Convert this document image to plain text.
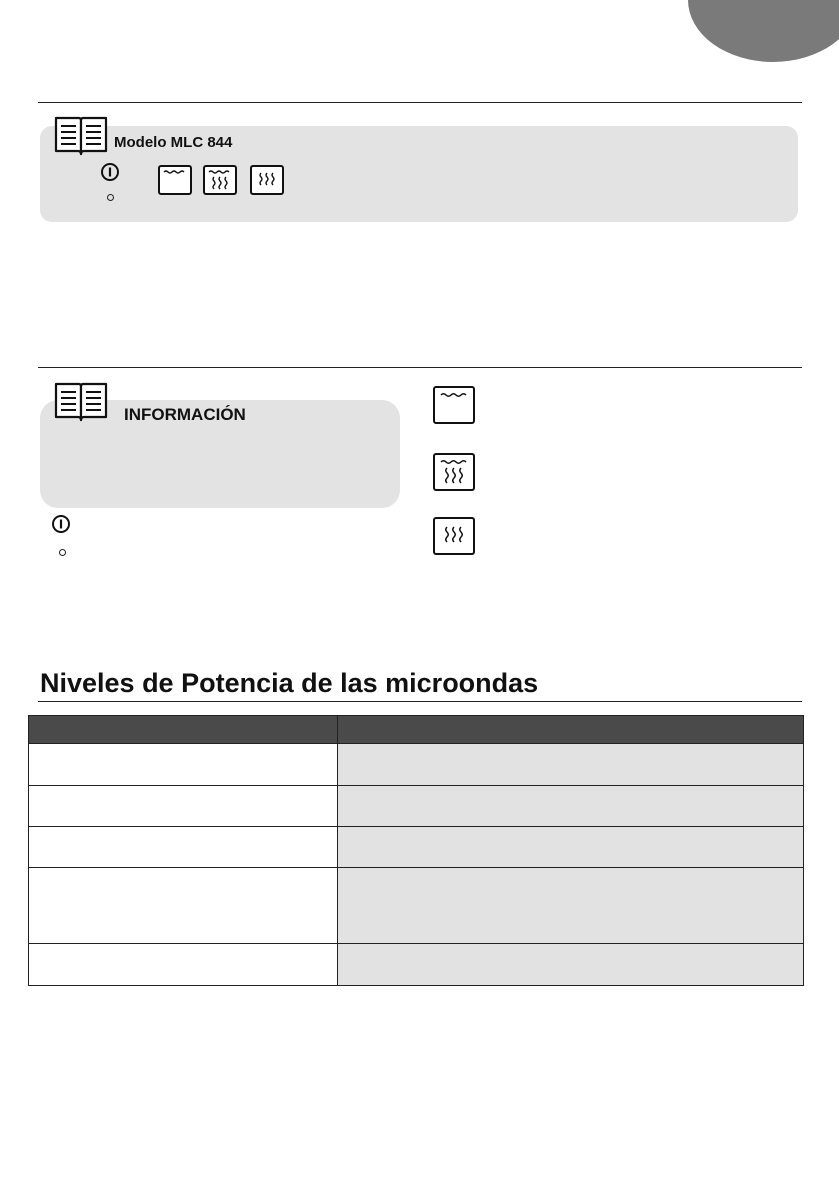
Modelo MLC 844
INFORMACIÓN
Niveles de Potencia de las microondas
